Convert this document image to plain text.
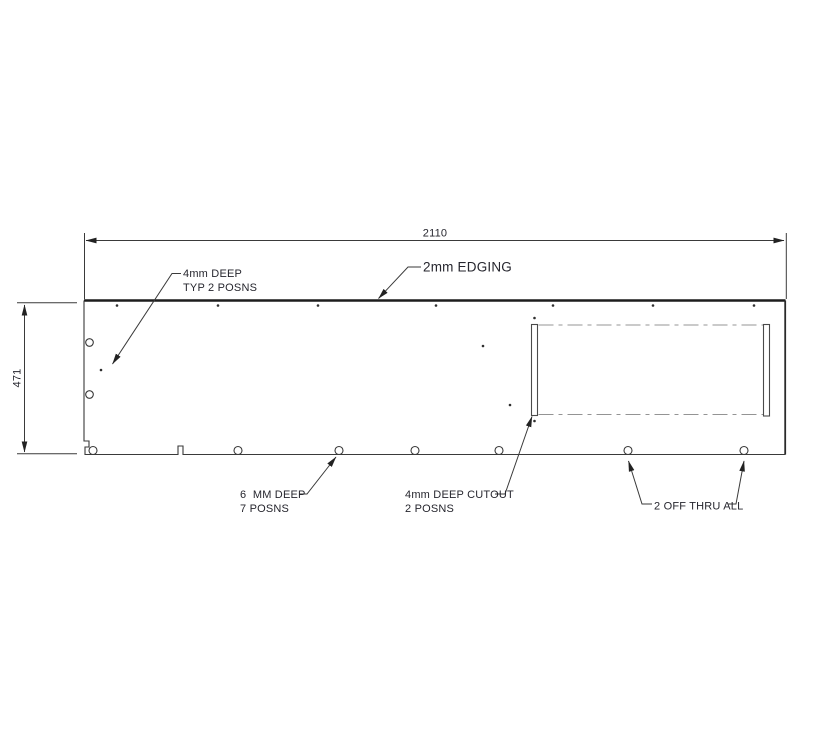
2110
471
2mm EDGING
4mm DEEP
TYP 2 POSNS
6  MM DEEP
7 POSNS
4mm DEEP CUTOUT
2 POSNS	2 OFF THRU ALL
